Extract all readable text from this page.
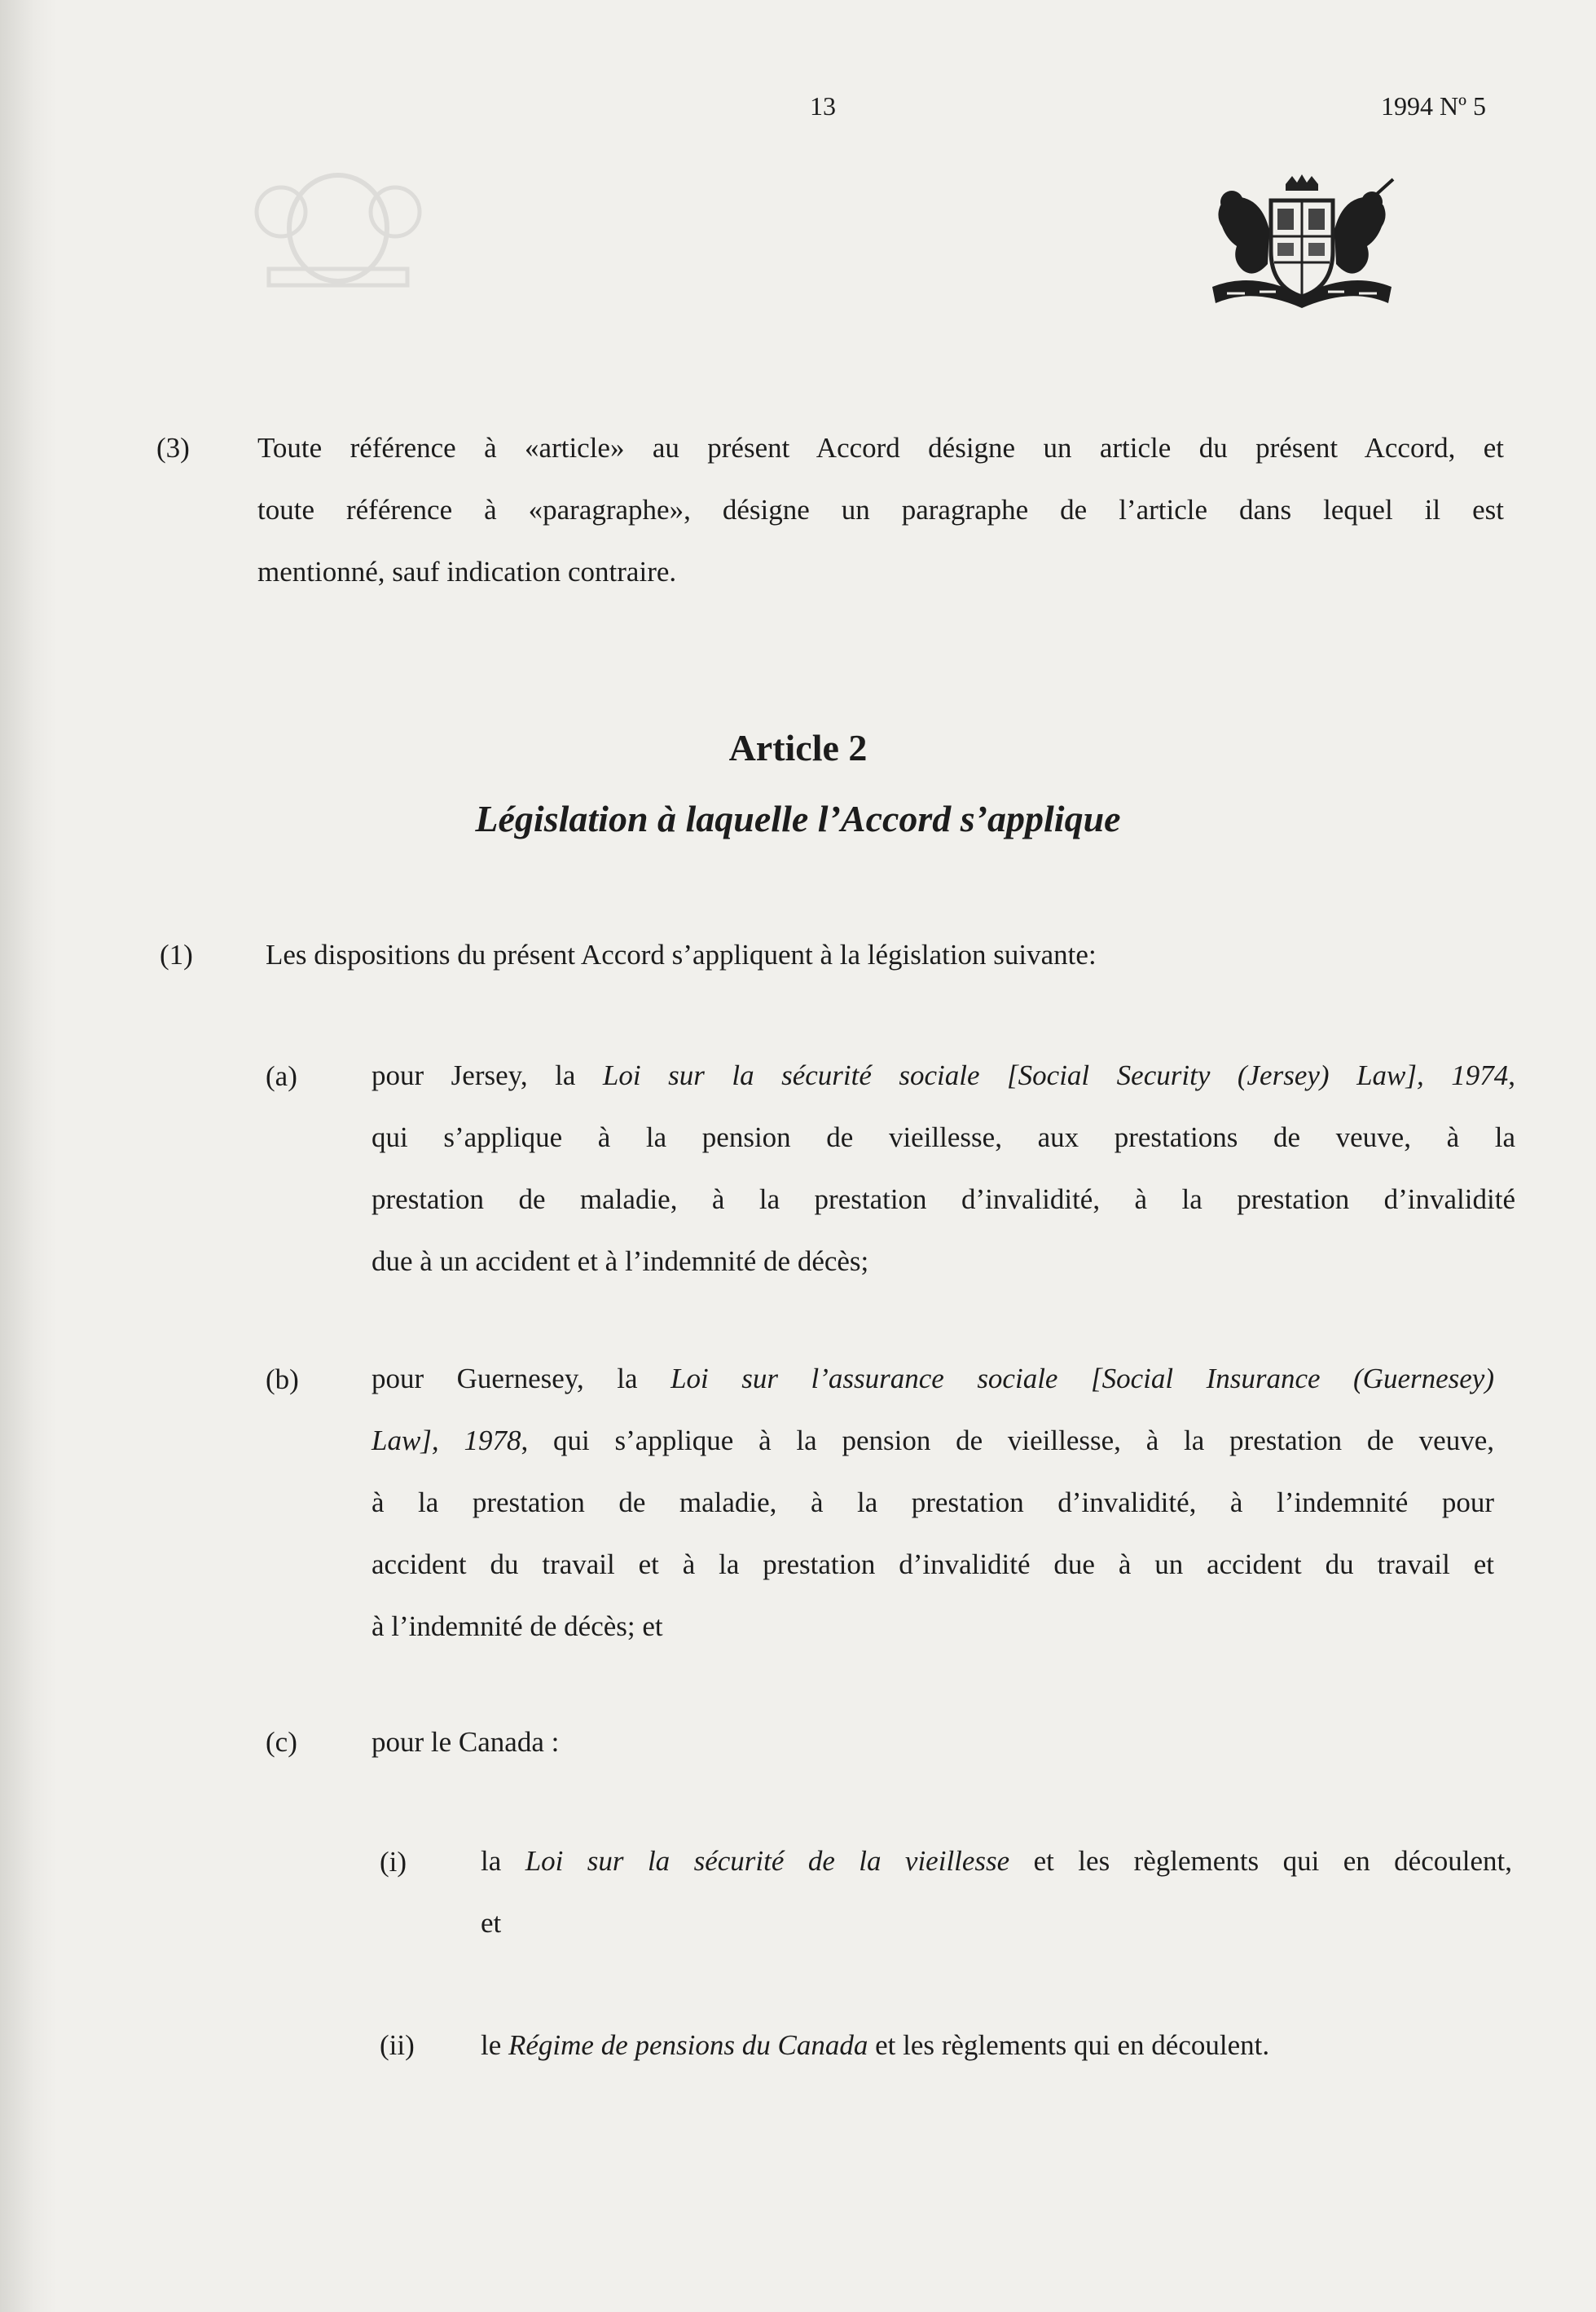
13	1994 Nº 5
(3) Toute référence à «article» au présent Accord désigne un article du présent Accord, et
toute référence à «paragraphe», désigne un paragraphe de l’article dans lequel il est
mentionné, sauf indication contraire.
Article 2
Législation à laquelle l’Accord s’applique
(1)	Les dispositions du présent Accord s’appliquent à la législation suivante:
(a)	pour Jersey, la Loi sur la sécurité sociale [Social Security (Jersey) Law], 1974,
qui s’applique à la pension de vieillesse, aux prestations de veuve, à la
prestation de maladie, à la prestation d’invalidité, à la prestation d’invalidité
due à un accident et à l’indemnité de décès;
(b)	pour Guernesey, la Loi sur l’assurance sociale [Social Insurance (Guernesey)
Law], 1978, qui s’applique à la pension de vieillesse, à la prestation de veuve,
à la prestation de maladie, à la prestation d’invalidité, à l’indemnité pour
accident du travail et à la prestation d’invalidité due à un accident du travail et
à l’indemnité de décès; et
(c)	pour le Canada :
(i)	la Loi sur la sécurité de la vieillesse et les règlements qui en découlent,
et
(ii) le Régime de pensions du Canada et les règlements qui en découlent.
